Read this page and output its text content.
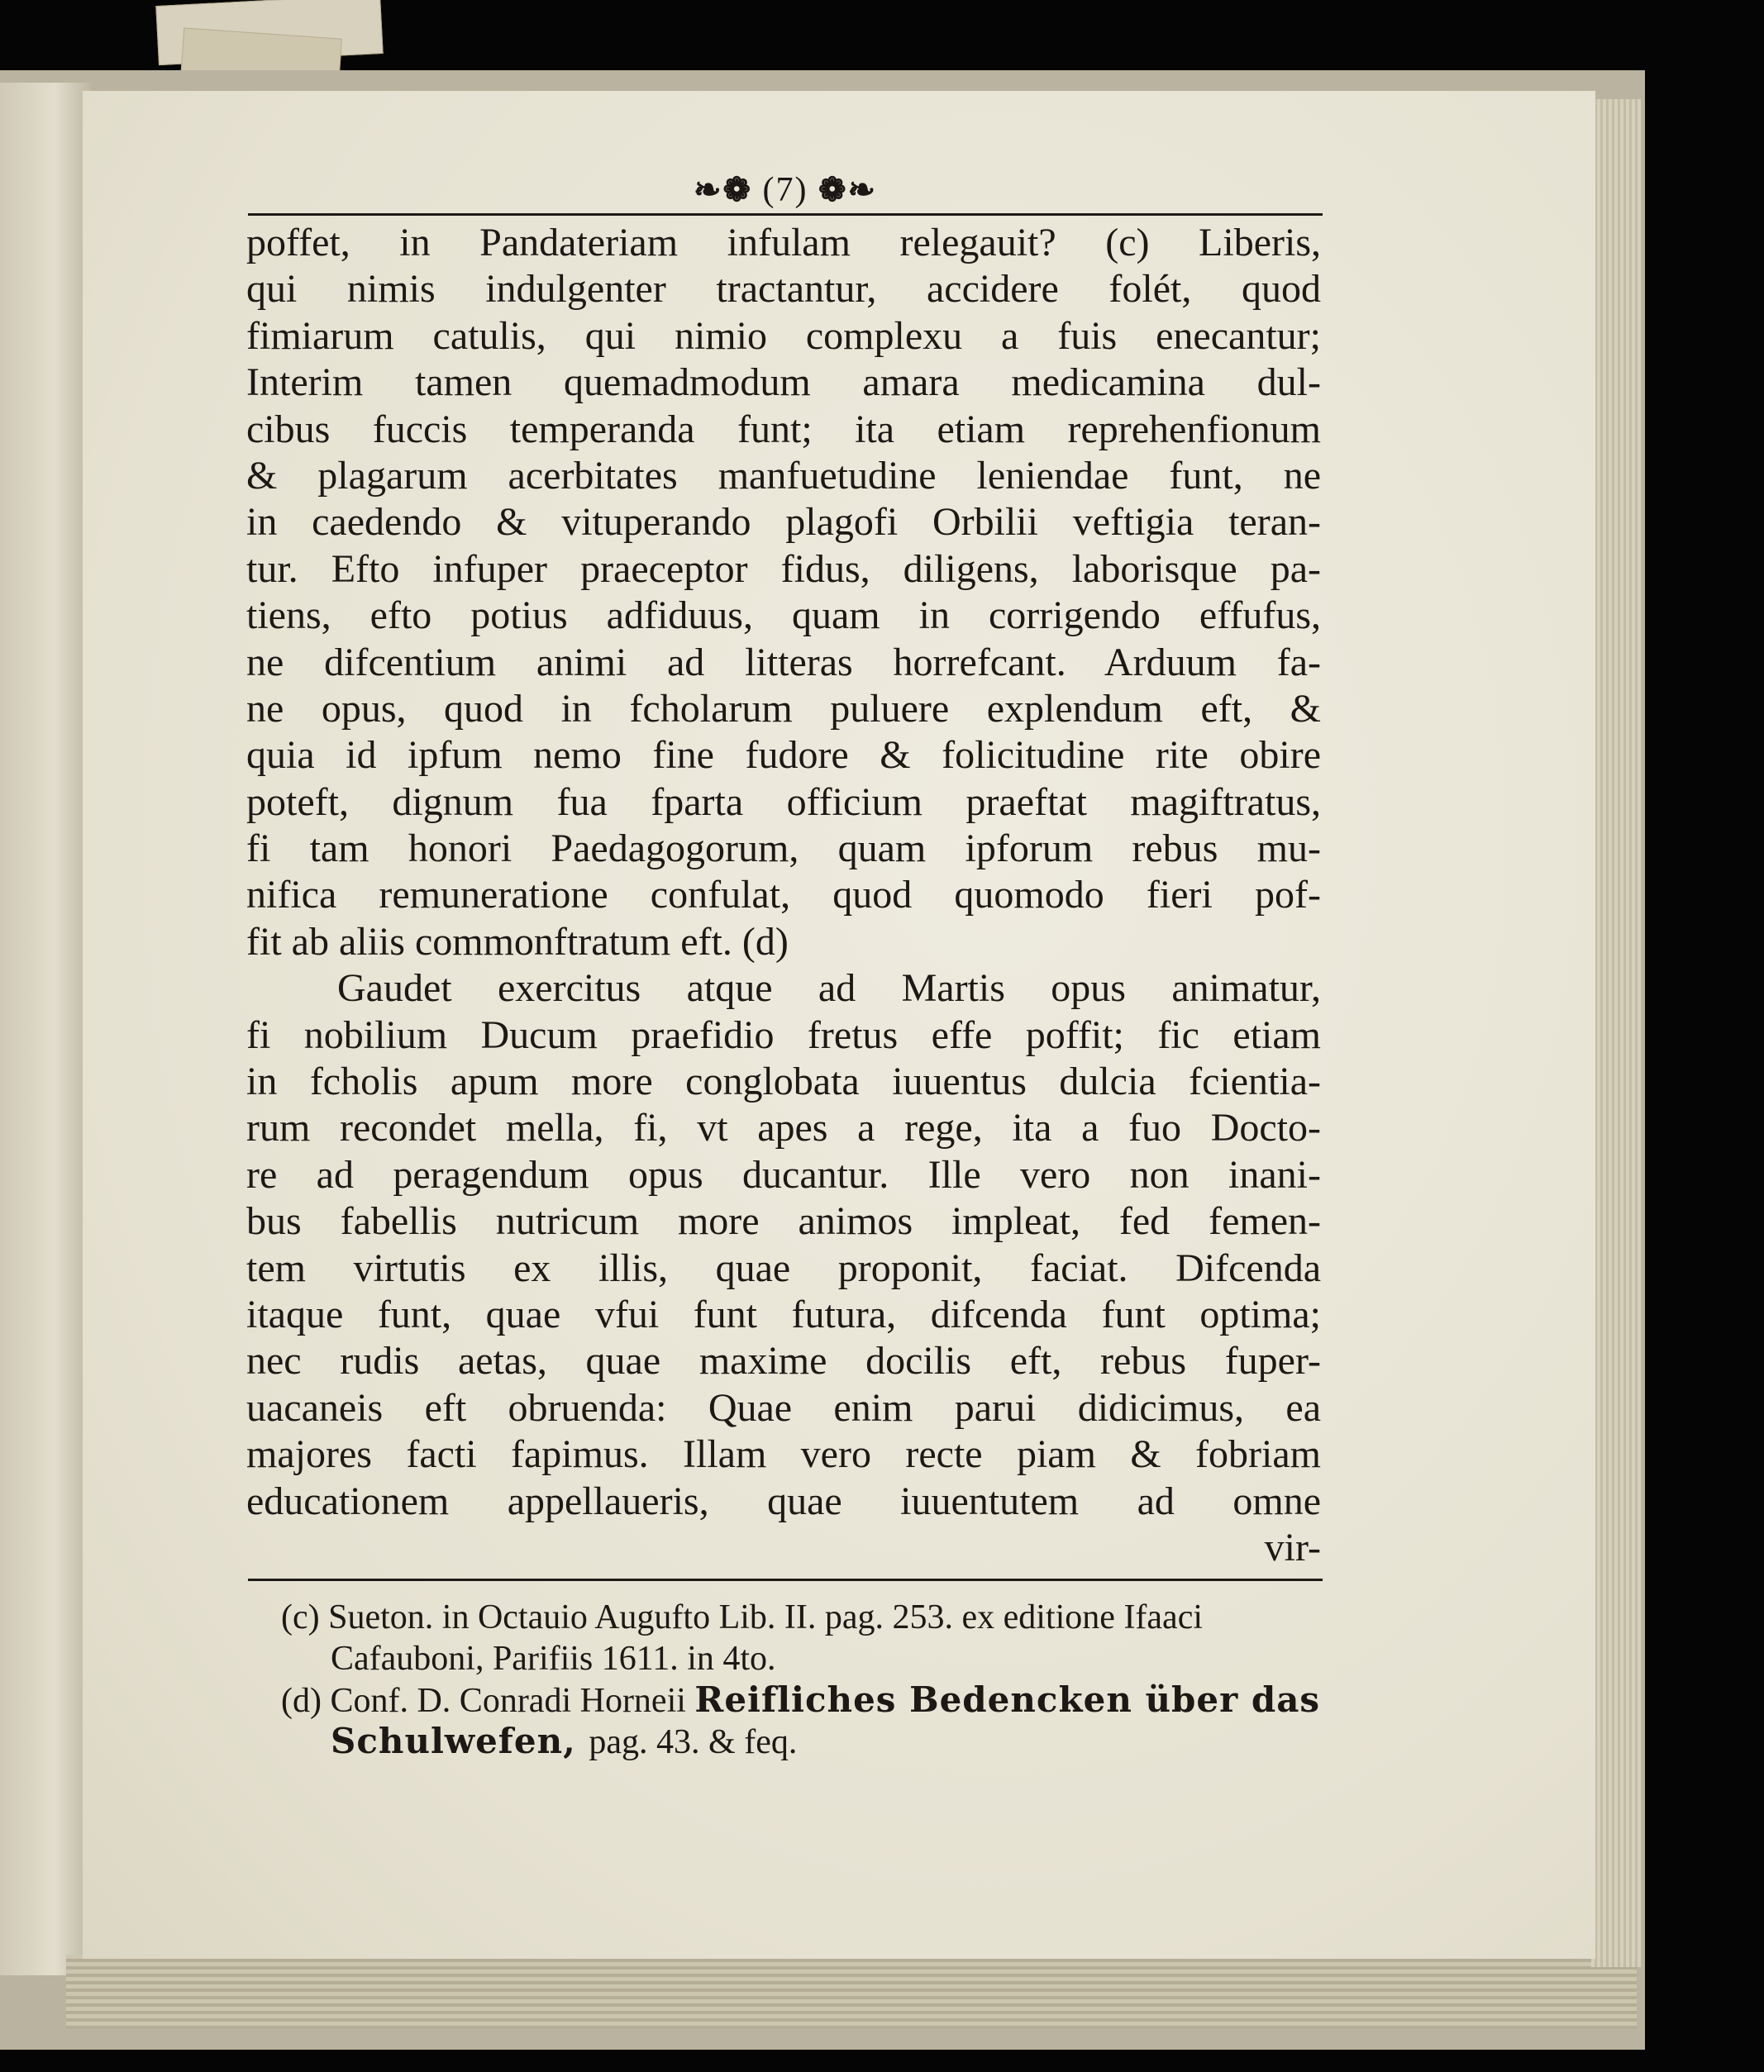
❧❁ (7) ❁❧
poffet, in Pandateriam infulam relegauit? (c) Liberis,
qui nimis indulgenter tractantur, accidere folét, quod
fimiarum catulis, qui nimio complexu a fuis enecantur;
Interim tamen quemadmodum amara medicamina dul-
cibus fuccis temperanda funt; ita etiam reprehenfionum
& plagarum acerbitates manfuetudine leniendae funt, ne
in caedendo & vituperando plagofi Orbilii veftigia teran-
tur. Efto infuper praeceptor fidus, diligens, laborisque pa-
tiens, efto potius adfiduus, quam in corrigendo effufus,
ne difcentium animi ad litteras horrefcant. Arduum fa-
ne opus, quod in fcholarum puluere explendum eft, &
quia id ipfum nemo fine fudore & folicitudine rite obire
poteft, dignum fua fparta officium praeftat magiftratus,
fi tam honori Paedagogorum, quam ipforum rebus mu-
nifica remuneratione confulat, quod quomodo fieri pof-
fit ab aliis commonftratum eft. (d)
Gaudet exercitus atque ad Martis opus animatur,
fi nobilium Ducum praefidio fretus effe poffit; fic etiam
in fcholis apum more conglobata iuuentus dulcia fcientia-
rum recondet mella, fi, vt apes a rege, ita a fuo Docto-
re ad peragendum opus ducantur. Ille vero non inani-
bus fabellis nutricum more animos impleat, fed femen-
tem virtutis ex illis, quae proponit, faciat. Difcenda
itaque funt, quae vfui funt futura, difcenda funt optima;
nec rudis aetas, quae maxime docilis eft, rebus fuper-
uacaneis eft obruenda: Quae enim parui didicimus, ea
majores facti fapimus. Illam vero recte piam & fobriam
educationem appellaueris, quae iuuentutem ad omne
vir-
(c) Sueton. in Octauio Augufto Lib. II. pag. 253. ex editione Ifaaci
Cafauboni, Parifiis 1611. in 4to.
(d) Conf. D. Conradi Horneii Reifliches Bedencken über das
Schulwefen, pag. 43. & feq.
